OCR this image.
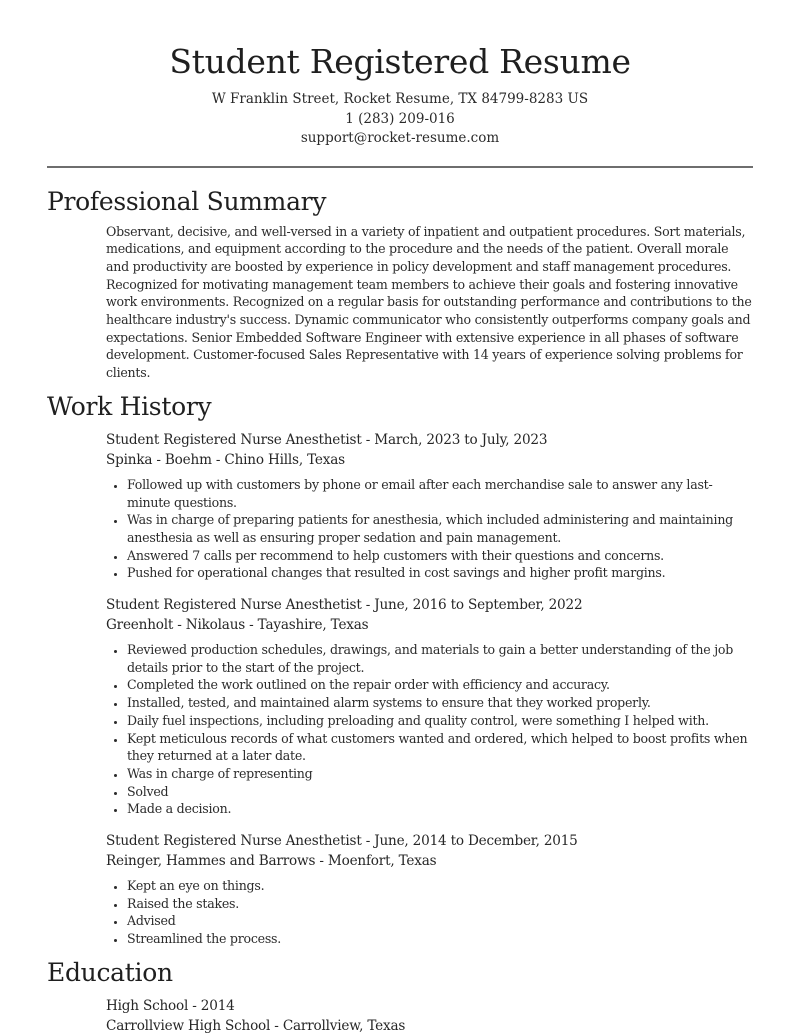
Student Registered Resume
W Franklin Street, Rocket Resume, TX 84799-8283 US
1 (283) 209-016
support@rocket-resume.com
Professional Summary

Observant, decisive, and well-versed in a variety of inpatient and outpatient procedures. Sort materials, medications, and equipment according to the procedure and the needs of the patient. Overall morale and productivity are boosted by experience in policy development and staff management procedures. Recognized for motivating management team members to achieve their goals and fostering innovative work environments. Recognized on a regular basis for outstanding performance and contributions to the healthcare industry's success. Dynamic communicator who consistently outperforms company goals and expectations. Senior Embedded Software Engineer with extensive experience in all phases of software development. Customer-focused Sales Representative with 14 years of experience solving problems for clients.

Work History
Student Registered Nurse Anesthetist - March, 2023 to July, 2023
Spinka - Boehm - Chino Hills, Texas
• Followed up with customers by phone or email after each merchandise sale to answer any last-minute questions.
• Was in charge of preparing patients for anesthesia, which included administering and maintaining anesthesia as well as ensuring proper sedation and pain management.
• Answered 7 calls per recommend to help customers with their questions and concerns.
• Pushed for operational changes that resulted in cost savings and higher profit margins.
Student Registered Nurse Anesthetist - June, 2016 to September, 2022
Greenholt - Nikolaus - Tayashire, Texas
• Reviewed production schedules, drawings, and materials to gain a better understanding of the job details prior to the start of the project.
• Completed the work outlined on the repair order with efficiency and accuracy.
• Installed, tested, and maintained alarm systems to ensure that they worked properly.
• Daily fuel inspections, including preloading and quality control, were something I helped with.
• Kept meticulous records of what customers wanted and ordered, which helped to boost profits when they returned at a later date.
• Was in charge of representing
• Solved
• Made a decision.
Student Registered Nurse Anesthetist - June, 2014 to December, 2015
Reinger, Hammes and Barrows - Moenfort, Texas
• Kept an eye on things.
• Raised the stakes.
• Advised
• Streamlined the process.
Education
High School - 2014
Carrollview High School - Carrollview, Texas
